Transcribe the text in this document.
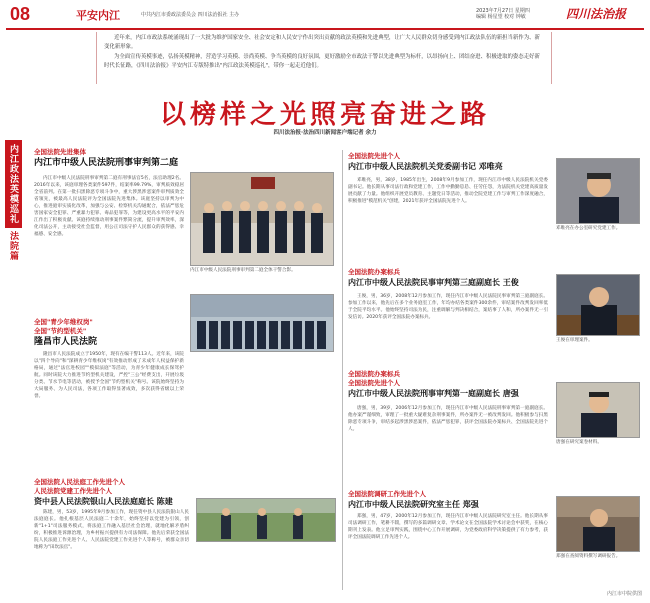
08	平安内江	中共内江市委政法委员会 四川法治报社 主办
2023年7月27日 星期四
编辑 杨星望 校对 钟敏	四川法治报

近年来，内江市政法系统涌现出了一大批为维护国家安全、社会安定和人民安宁作出突出贡献的政法英模和先进典型，让广大人民群众切身感受到内江政法队伍的新担当新作为、新变化新形象。

为全面宣传英模事迹，弘扬英模精神，营造学习英模、崇尚英模、争当英模的良好氛围，更好激励全市政法干警以先进典型为标杆，以昂扬向上、团结奋进、积极进取的姿态走好新时代长征路，《四川法治报》平安内江专版特推出"内江政法英模巡礼"，带你一起走近他们。

以榜样之光照亮奋进之路
四川法治报·法治四川新闻客户端记者 余力
内江政法英模巡礼
法院篇
全国法院先进集体
内江市中级人民法院刑事审判第二庭

内江市中级人民法院刑事审判第二庭有刑事法官5名，法官助理2名。2016年以来，该庭审理各类案件597件，结案率99.79%，审判质效稳居全省前列。在第一批扫黑除恶专项斗争中，重大涉黑涉恶案件审判质效全省领先，被最高人民法院评为全国法院先进集体。该庭坚持以审判为中心，推进庭审实质化改革，加强与公安、检察机关沟通配合，依法严惩危害国家安全犯罪、严重暴力犯罪、毒品犯罪等，为建设更高水平的平安内江作出了积极贡献。该庭持续推动刑事案件繁简分流，提升审判效率，深化司法公开，主动接受社会监督，用公正司法守护人民群众的获得感、幸福感、安全感。

内江市中级人民法院刑事审判第二庭全体干警合影。
全国"青少年维权岗"
全国"节约型机关"
隆昌市人民法院

隆昌市人民法院成立于1950年，现有在编干警113人。近年来，该院以"四个导向"和"深耕青少年维权岗"有效推动形成了未成年人权益保护新格局，通过"法官进校园""模拟法庭"等活动，为青少年健康成长保驾护航。同时该院大力推进节约型机关建设，严控"三公"经费支出，开展垃圾分类、节水节电等活动，被授予全国"节约型机关"称号。该院始终坚持为大局服务、为人民司法，各项工作取得显著成效，多次获得省级以上荣誉。

全国法院人民法庭工作先进个人
人民法院党建工作先进个人
资中县人民法院银山人民法庭庭长 陈建

陈建，男，53岁，1995年9月参加工作，现任资中县人民法院银山人民法庭庭长。他扎根基层人民法庭二十余年，始终坚持以党建为引领，创新"1+1"司法服务模式，将法庭工作融入基层社会治理，就地化解矛盾纠纷，积极推进诉源治理，为乡村振兴提供有力司法保障。他先后荣获全国法院人民法庭工作先进个人、人民法院党建工作先进个人等称号，被群众亲切地称为"田坎法官"。

全国法院先进个人
内江市中级人民法院机关党委副书记 邓唯亮

邓唯亮，男，38岁，1985年出生，2008年9月参加工作，现任内江市中级人民法院机关党委副书记。他长期从事司法行政和党建工作，工作中勤勤恳恳、任劳任怨，为法院机关党建高质量发展贡献了力量。他组织开展党员教育、主题党日等活动，推动全院党建工作与审判工作深度融合，积极推进"模范机关"创建，2021年获评全国法院先进个人。

邓唯亮在办公室研究党建工作。
全国法院办案标兵
内江市中级人民法院民事审判第三庭副庭长 王俊

王俊，男，36岁，2008年12月参加工作，现任内江市中级人民法院民事审判第三庭副庭长。参加工作以来，他先后在多个业务庭室工作，年均办结各类案件300余件，审结案件改判发回率低于全院平均水平。他始终坚持司法为民，注重调解与判决相结合，案结事了人和，所办案件无一引发信访。2020年获评全国法院办案标兵。

王俊在审理案件。
全国法院办案标兵
全国法院先进个人
内江市中级人民法院刑事审判第一庭副庭长 唐强

唐强，男，39岁，2006年12月参加工作，现任内江市中级人民法院刑事审判第一庭副庭长。他办案严谨细致，审理了一批重大疑难复杂刑事案件，所办案件无一被改判发回。他积极参与扫黑除恶专项斗争，审结多起涉黑涉恶案件，依法严惩犯罪，获评全国法院办案标兵、全国法院先进个人。

唐强在研究案卷材料。
全国法院调研工作先进个人
内江市中级人民法院研究室主任 郑强

郑强，男，47岁，2000年12月参加工作，现任内江市中级人民法院研究室主任。他长期从事司法调研工作，笔耕不辍，撰写的多篇调研文章、学术论文在全国法院学术讨论会中获奖，在核心期刊上发表。他立足审判实践，围绕中心工作开展调研，为党委政府科学决策提供了有力参考，获评全国法院调研工作先进个人。

郑强在查阅资料撰写调研报告。
内江市中院供图
